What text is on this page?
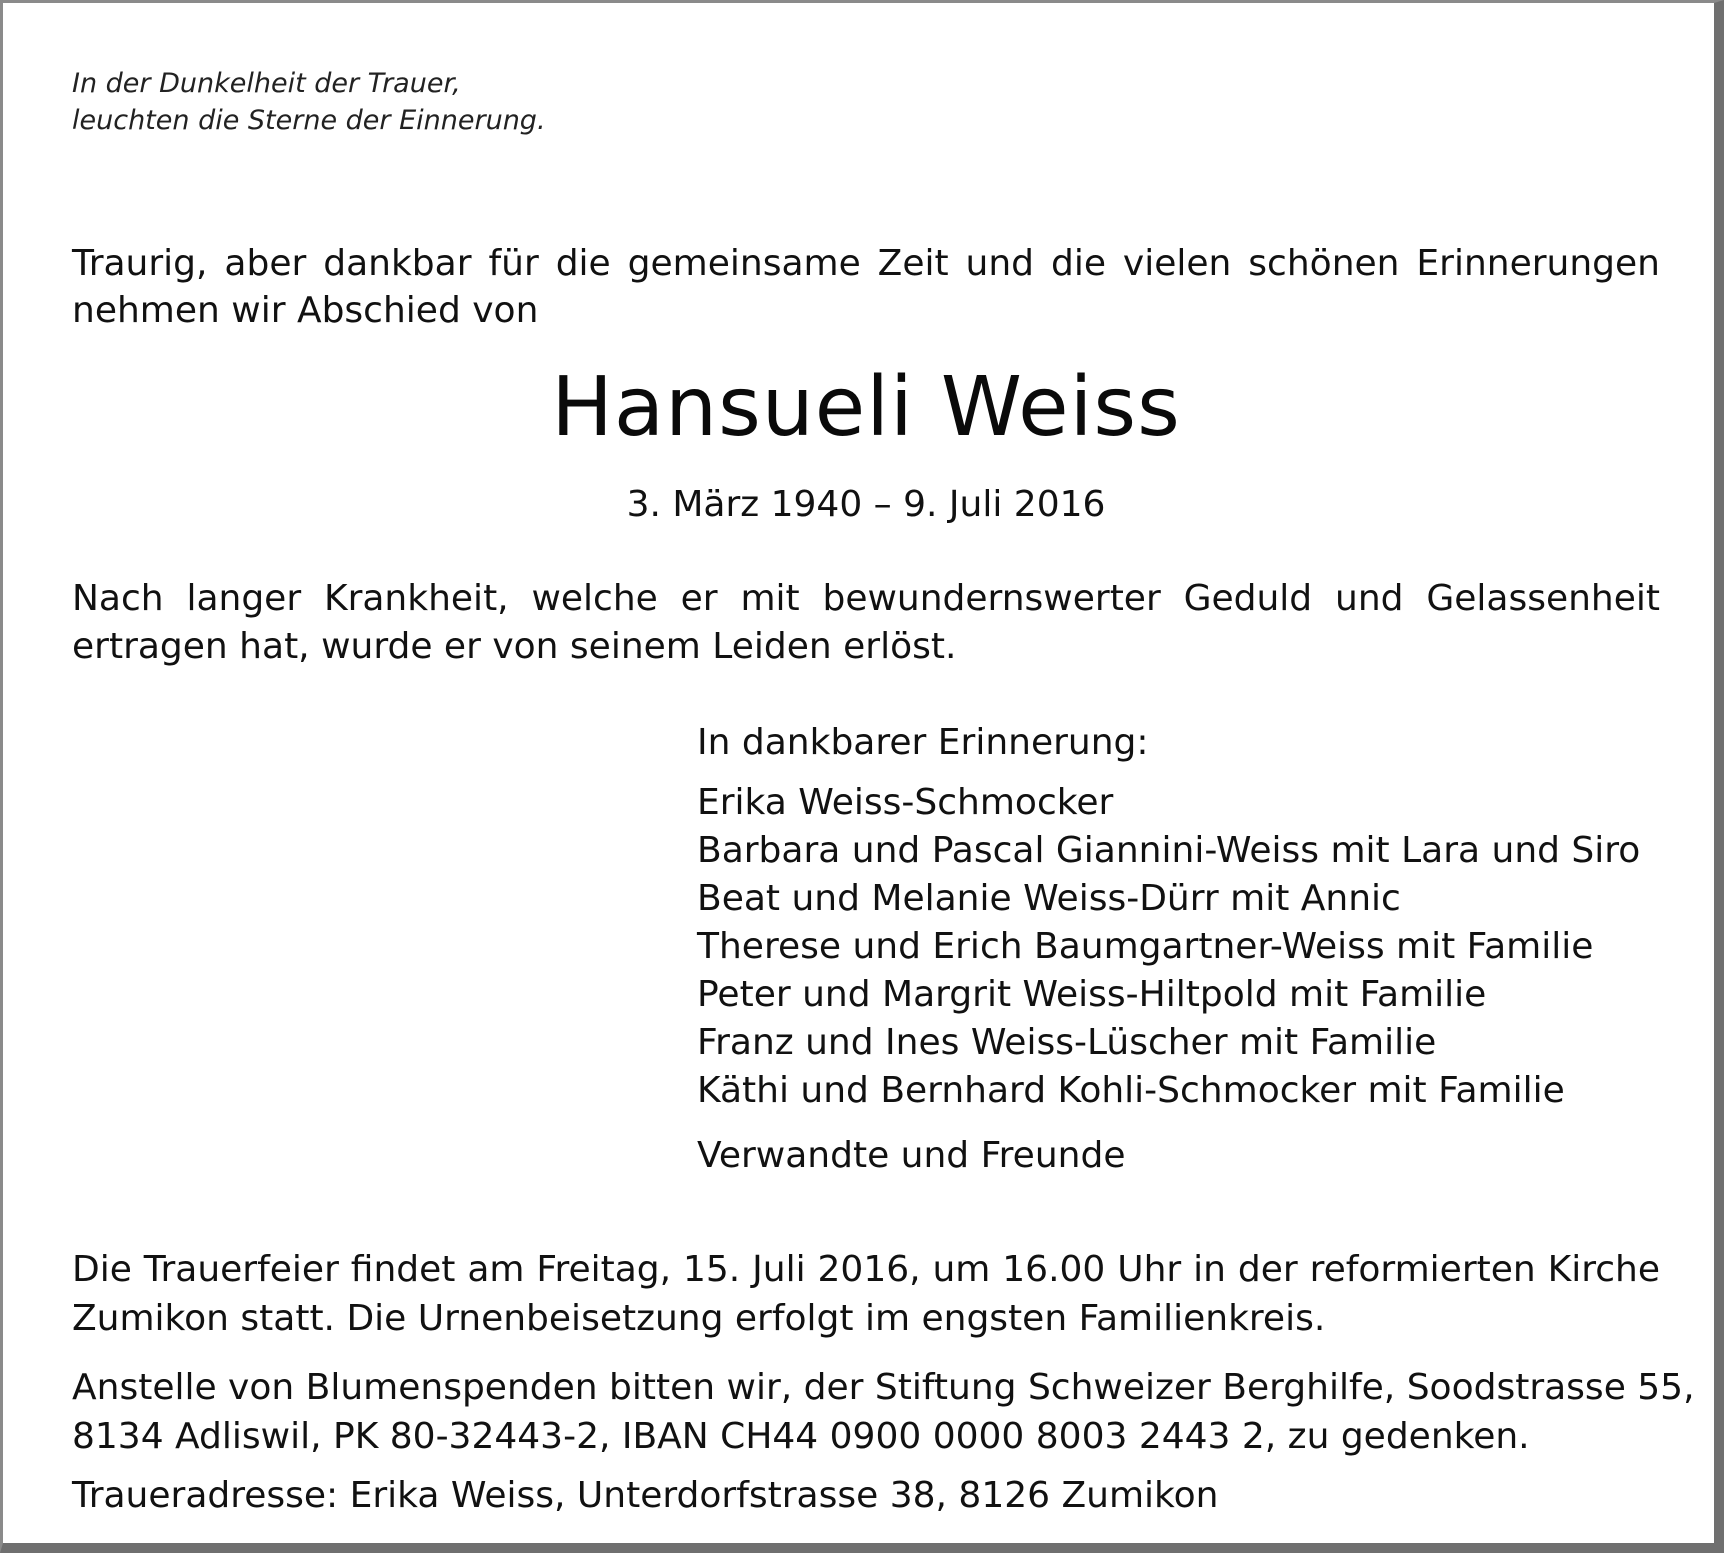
In der Dunkelheit der Trauer,
leuchten die Sterne der Einnerung.
Traurig, aber dankbar für die gemeinsame Zeit und die vielen schönen Erinnerungen
nehmen wir Abschied von
Hansueli Weiss
3. März 1940 – 9. Juli 2016
Nach langer Krankheit, welche er mit bewundernswerter Geduld und Gelassenheit
ertragen hat, wurde er von seinem Leiden erlöst.
In dankbarer Erinnerung:
Erika Weiss-Schmocker
Barbara und Pascal Giannini-Weiss mit Lara und Siro
Beat und Melanie Weiss-Dürr mit Annic
Therese und Erich Baumgartner-Weiss mit Familie
Peter und Margrit Weiss-Hiltpold mit Familie
Franz und Ines Weiss-Lüscher mit Familie
Käthi und Bernhard Kohli-Schmocker mit Familie
Verwandte und Freunde

Die Trauerfeier findet am Freitag, 15. Juli 2016, um 16.00 Uhr in der reformierten Kirche
Zumikon statt. Die Urnenbeisetzung erfolgt im engsten Familienkreis.

Anstelle von Blumenspenden bitten wir, der Stiftung Schweizer Berghilfe, Soodstrasse 55,
8134 Adliswil, PK 80-32443-2, IBAN CH44 0900 0000 8003 2443 2, zu gedenken.
Traueradresse: Erika Weiss, Unterdorfstrasse 38, 8126 Zumikon
